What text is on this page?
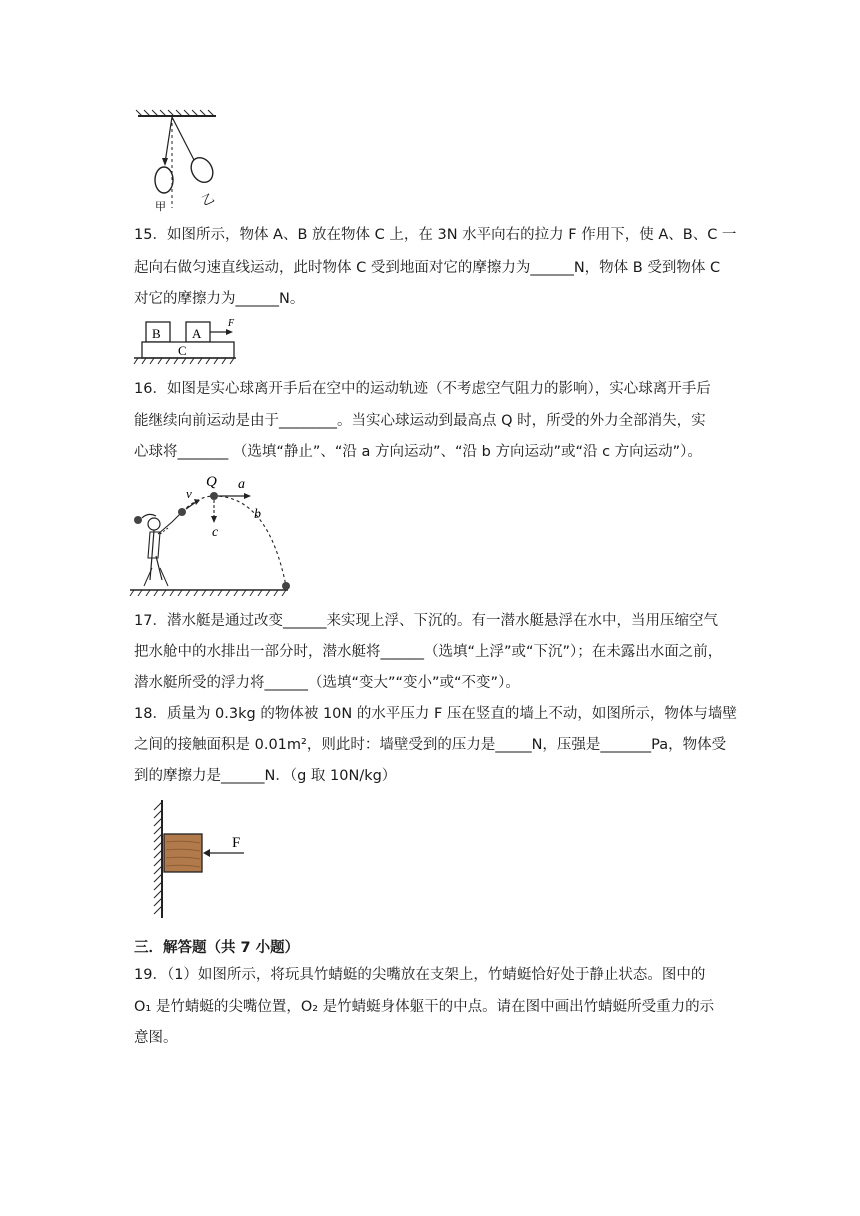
甲	乙
15．如图所示，物体 A、B 放在物体 C 上，在 3N 水平向右的拉力 F 作用下，使 A、B、C 一
起向右做匀速直线运动，此时物体 C 受到地面对它的摩擦力为______N，物体 B 受到物体 C
对它的摩擦力为______N。
B A
C
F
16．如图是实心球离开手后在空中的运动轨迹（不考虑空气阻力的影响），实心球离开手后
能继续向前运动是由于________。当实心球运动到最高点 Q 时，所受的外力全部消失，实
心球将_______ （选填“静止”、“沿 a 方向运动”、“沿 b 方向运动”或“沿 c 方向运动”）。
v
Q a
b
c
17．潜水艇是通过改变______来实现上浮、下沉的。有一潜水艇悬浮在水中，当用压缩空气
把水舱中的水排出一部分时，潜水艇将______（选填“上浮”或“下沉”）；在未露出水面之前，
潜水艇所受的浮力将______（选填“变大”“变小”或“不变”）。
18．质量为 0.3kg 的物体被 10N 的水平压力 F 压在竖直的墙上不动，如图所示，物体与墙壁
之间的接触面积是 0.01m²，则此时：墙壁受到的压力是_____N，压强是_______Pa，物体受
到的摩擦力是______N．（g 取 10N/kg）
F
三．解答题（共 7 小题）
19．（1）如图所示，将玩具竹蜻蜓的尖嘴放在支架上，竹蜻蜓恰好处于静止状态。图中的
O₁ 是竹蜻蜓的尖嘴位置，O₂ 是竹蜻蜓身体躯干的中点。请在图中画出竹蜻蜓所受重力的示
意图。
